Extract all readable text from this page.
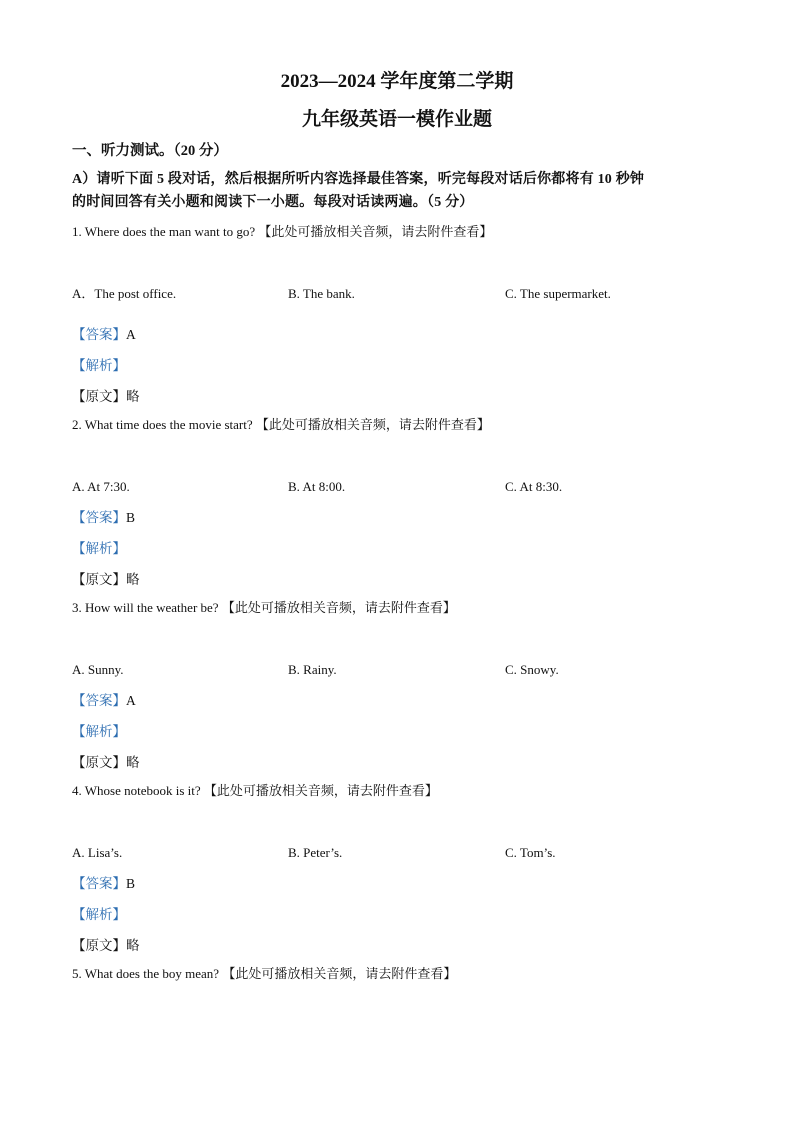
2023—2024 学年度第二学期
九年级英语一模作业题
一、听力测试。（20 分）
A）请听下面 5 段对话，然后根据所听内容选择最佳答案，听完每段对话后你都将有 10 秒钟
的时间回答有关小题和阅读下一小题。每段对话读两遍。（5 分）
1. Where does the man want to go? 【此处可播放相关音频，请去附件查看】
A．The post office.	B. The bank.	C. The supermarket.
【答案】A
【解析】
【原文】略
2. What time does the movie start? 【此处可播放相关音频，请去附件查看】
A. At 7:30.	B. At 8:00.	C. At 8:30.
【答案】B
【解析】
【原文】略
3. How will the weather be? 【此处可播放相关音频，请去附件查看】
A. Sunny.	B. Rainy.	C. Snowy.
【答案】A
【解析】
【原文】略
4. Whose notebook is it? 【此处可播放相关音频，请去附件查看】
A. Lisa’s.	B. Peter’s.	C. Tom’s.
【答案】B
【解析】
【原文】略
5. What does the boy mean? 【此处可播放相关音频，请去附件查看】
